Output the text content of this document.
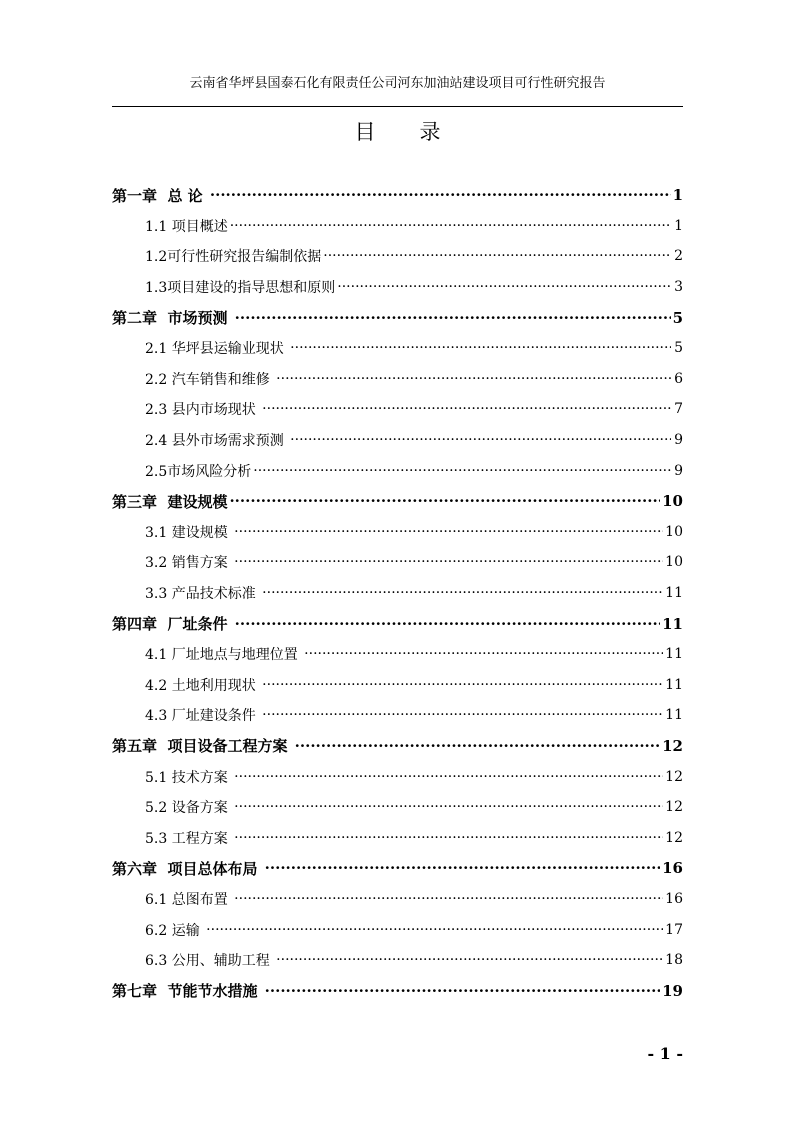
云南省华坪县国泰石化有限责任公司河东加油站建设项目可行性研究报告
目录
第一章  总 论 ·····	1
1.1 项目概述 ·····	1
1.2可行性研究报告编制依据 ·····	2
1.3项目建设的指导思想和原则 ·····	3
第二章  市场预测 ·····	5
2.1 华坪县运输业现状 ·····	5
2.2 汽车销售和维修 ·····	6
2.3 县内市场现状 ·····	7
2.4 县外市场需求预测 ·····	9
2.5市场风险分析 ·····	9
第三章  建设规模 ·····	10
3.1 建设规模 ·····	10
3.2 销售方案 ·····	10
3.3 产品技术标准 ·····	11
第四章  厂址条件 ·····	11
4.1 厂址地点与地理位置 ·····	11
4.2 土地利用现状 ·····	11
4.3 厂址建设条件 ·····	11
第五章  项目设备工程方案 ·····	12
5.1 技术方案 ·····	12
5.2 设备方案 ·····	12
5.3 工程方案 ·····	12
第六章  项目总体布局 ·····	16
6.1 总图布置 ·····	16
6.2 运输 ·····	17
6.3 公用、辅助工程 ·····	18
第七章  节能节水措施 ·····	19
- 1 -
